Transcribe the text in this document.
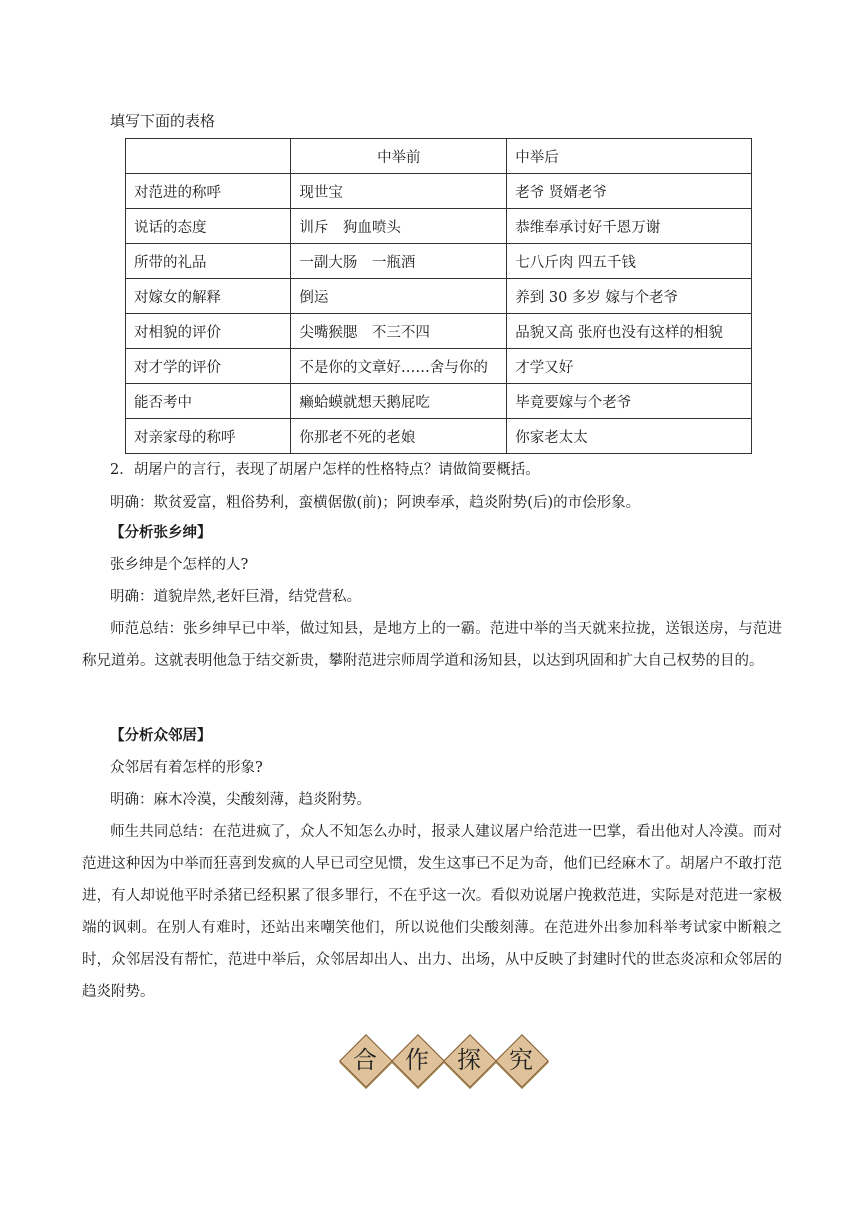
填写下面的表格
	中举前	中举后
对范进的称呼	现世宝	老爷 贤婿老爷
说话的态度	训斥　狗血喷头	恭维奉承讨好千恩万谢
所带的礼品	一副大肠　一瓶酒	七八斤肉 四五千钱
对嫁女的解释	倒运	养到 30 多岁 嫁与个老爷
对相貌的评价	尖嘴猴腮　不三不四	品貌又高 张府也没有这样的相貌
对才学的评价	不是你的文章好……舍与你的	才学又好
能否考中	癞蛤蟆就想天鹅屁吃	毕竟要嫁与个老爷
对亲家母的称呼	你那老不死的老娘	你家老太太
2．胡屠户的言行，表现了胡屠户怎样的性格特点？请做简要概括。
明确：欺贫爱富，粗俗势利，蛮横倨傲(前)；阿谀奉承，趋炎附势(后)的市侩形象。
【分析张乡绅】
张乡绅是个怎样的人?
明确：道貌岸然,老奸巨滑，结党营私。
师范总结：张乡绅早已中举，做过知县，是地方上的一霸。范进中举的当天就来拉拢，送银送房，与范进称兄道弟。这就表明他急于结交新贵，攀附范进宗师周学道和汤知县，以达到巩固和扩大自己权势的目的。
【分析众邻居】
众邻居有着怎样的形象?
明确：麻木冷漠，尖酸刻薄，趋炎附势。
师生共同总结：在范进疯了，众人不知怎么办时，报录人建议屠户给范进一巴掌，看出他对人冷漠。而对范进这种因为中举而狂喜到发疯的人早已司空见惯，发生这事已不足为奇，他们已经麻木了。胡屠户不敢打范进，有人却说他平时杀猪已经积累了很多罪行，不在乎这一次。看似劝说屠户挽救范进，实际是对范进一家极端的讽刺。在别人有难时，还站出来嘲笑他们，所以说他们尖酸刻薄。在范进外出参加科举考试家中断粮之时，众邻居没有帮忙，范进中举后，众邻居却出人、出力、出场，从中反映了封建时代的世态炎凉和众邻居的趋炎附势。
合	作	探	究
